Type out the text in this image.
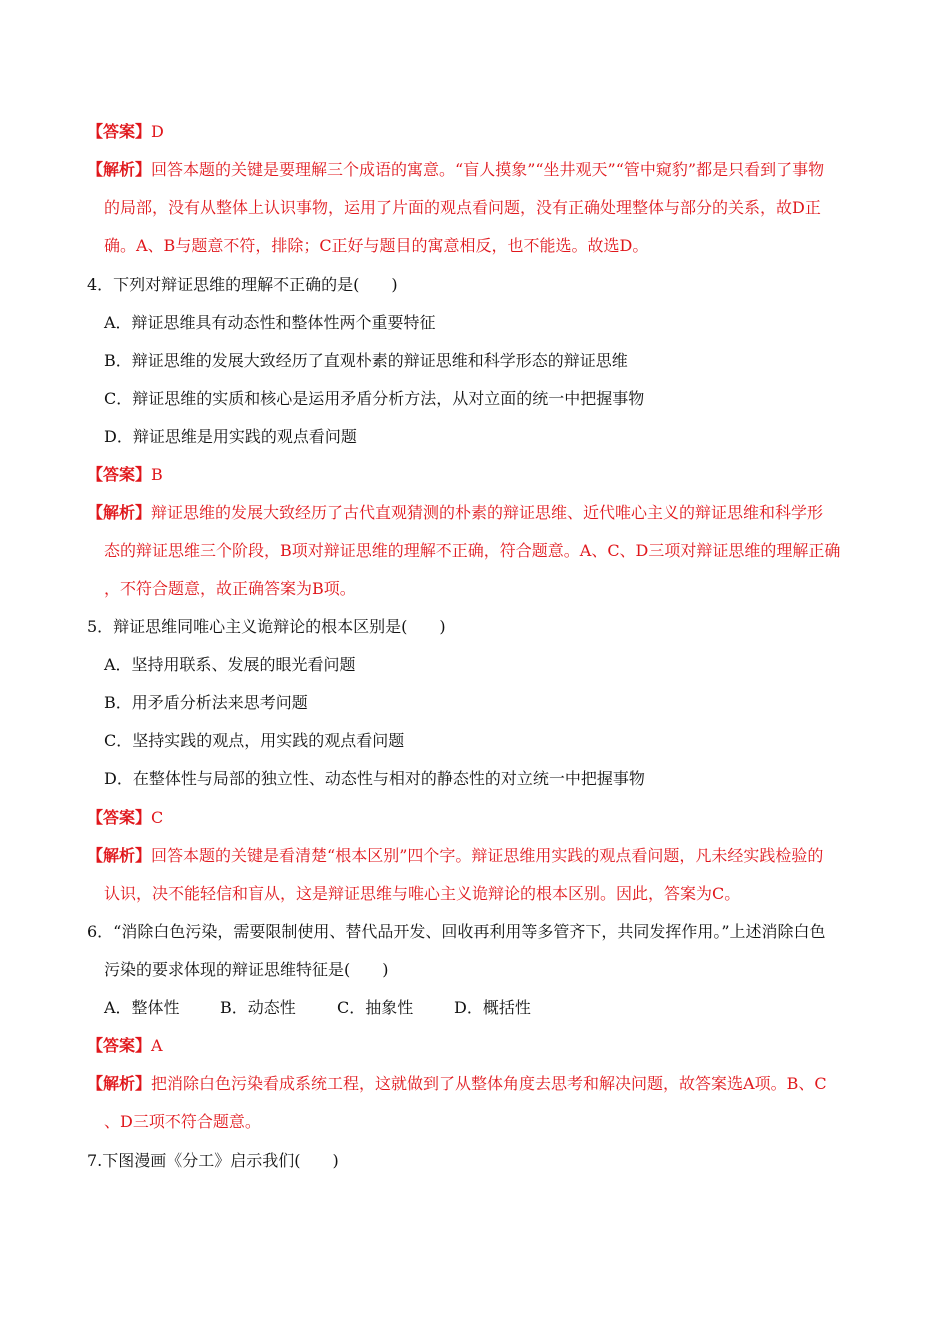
【答案】D
【解析】回答本题的关键是要理解三个成语的寓意。“盲人摸象”“坐井观天”“管中窥豹”都是只看到了事物
的局部，没有从整体上认识事物，运用了片面的观点看问题，没有正确处理整体与部分的关系，故D正
确。A、B与题意不符，排除；C正好与题目的寓意相反，也不能选。故选D。
4．下列对辩证思维的理解不正确的是(　　)
A．辩证思维具有动态性和整体性两个重要特征
B．辩证思维的发展大致经历了直观朴素的辩证思维和科学形态的辩证思维
C．辩证思维的实质和核心是运用矛盾分析方法，从对立面的统一中把握事物
D．辩证思维是用实践的观点看问题
【答案】B
【解析】辩证思维的发展大致经历了古代直观猜测的朴素的辩证思维、近代唯心主义的辩证思维和科学形
态的辩证思维三个阶段，B项对辩证思维的理解不正确，符合题意。A、C、D三项对辩证思维的理解正确
，不符合题意，故正确答案为B项。
5．辩证思维同唯心主义诡辩论的根本区别是(　　)
A．坚持用联系、发展的眼光看问题
B．用矛盾分析法来思考问题
C．坚持实践的观点，用实践的观点看问题
D．在整体性与局部的独立性、动态性与相对的静态性的对立统一中把握事物
【答案】C
【解析】回答本题的关键是看清楚“根本区别”四个字。辩证思维用实践的观点看问题，凡未经实践检验的
认识，决不能轻信和盲从，这是辩证思维与唯心主义诡辩论的根本区别。因此，答案为C。
6．“消除白色污染，需要限制使用、替代品开发、回收再利用等多管齐下，共同发挥作用。”上述消除白色
污染的要求体现的辩证思维特征是(　　)
A．整体性	B．动态性	C．抽象性	D．概括性
【答案】A
【解析】把消除白色污染看成系统工程，这就做到了从整体角度去思考和解决问题，故答案选A项。B、C
、D三项不符合题意。
7.下图漫画《分工》启示我们(　　)
